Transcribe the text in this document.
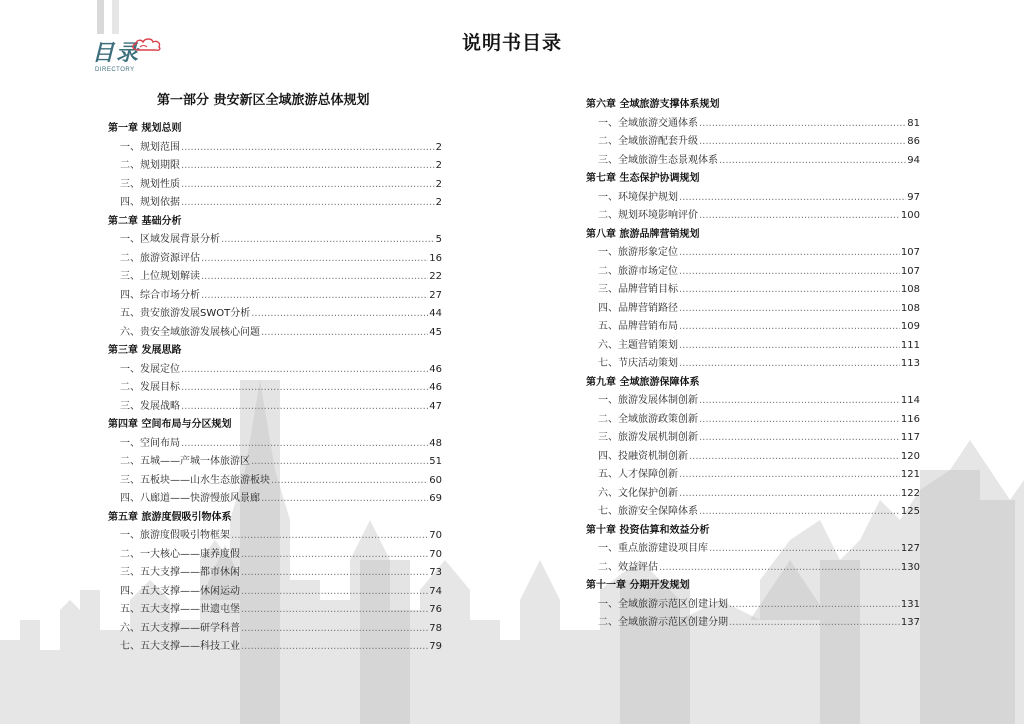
目录
DIRECTORY
说明书目录
第一部分 贵安新区全域旅游总体规划
第一章 规划总则
一、规划范围 .....	2
二、规划期限 .....	2
三、规划性质 .....	2
四、规划依据 .....	2
第二章 基础分析
一、区域发展背景分析 .....	5
二、旅游资源评估 .....	16
三、上位规划解读 .....	22
四、综合市场分析 .....	27
五、贵安旅游发展SWOT分析 .....	44
六、贵安全域旅游发展核心问题 .....	45
第三章 发展思路
一、发展定位 .....	46
二、发展目标 .....	46
三、发展战略 .....	47
第四章 空间布局与分区规划
一、空间布局 .....	48
二、五城——产城一体旅游区 .....	51
三、五板块——山水生态旅游板块 .....	60
四、八廊道——快游慢旅风景廊 .....	69
第五章 旅游度假吸引物体系
一、旅游度假吸引物框架 .....	70
二、一大核心——康养度假 .....	70
三、五大支撑——都市休闲 .....	73
四、五大支撑——休闲运动 .....	74
五、五大支撑——世遗屯堡 .....	76
六、五大支撑——研学科普 .....	78
七、五大支撑——科技工业 .....	79
第六章 全域旅游支撑体系规划
一、全域旅游交通体系 .....	81
二、全域旅游配套升级 .....	86
三、全域旅游生态景观体系 .....	94
第七章 生态保护协调规划
一、环境保护规划 .....	97
二、规划环境影响评价 .....	100
第八章 旅游品牌营销规划
一、旅游形象定位 .....	107
二、旅游市场定位 .....	107
三、品牌营销目标 .....	108
四、品牌营销路径 .....	108
五、品牌营销布局 .....	109
六、主题营销策划 .....	111
七、节庆活动策划 .....	113
第九章 全域旅游保障体系
一、旅游发展体制创新 .....	114
二、全域旅游政策创新 .....	116
三、旅游发展机制创新 .....	117
四、投融资机制创新 .....	120
五、人才保障创新 .....	121
六、文化保护创新 .....	122
七、旅游安全保障体系 .....	125
第十章 投资估算和效益分析
一、重点旅游建设项目库 .....	127
二、效益评估 .....	130
第十一章 分期开发规划
一、全域旅游示范区创建计划 .....	131
二、全域旅游示范区创建分期 .....	137
